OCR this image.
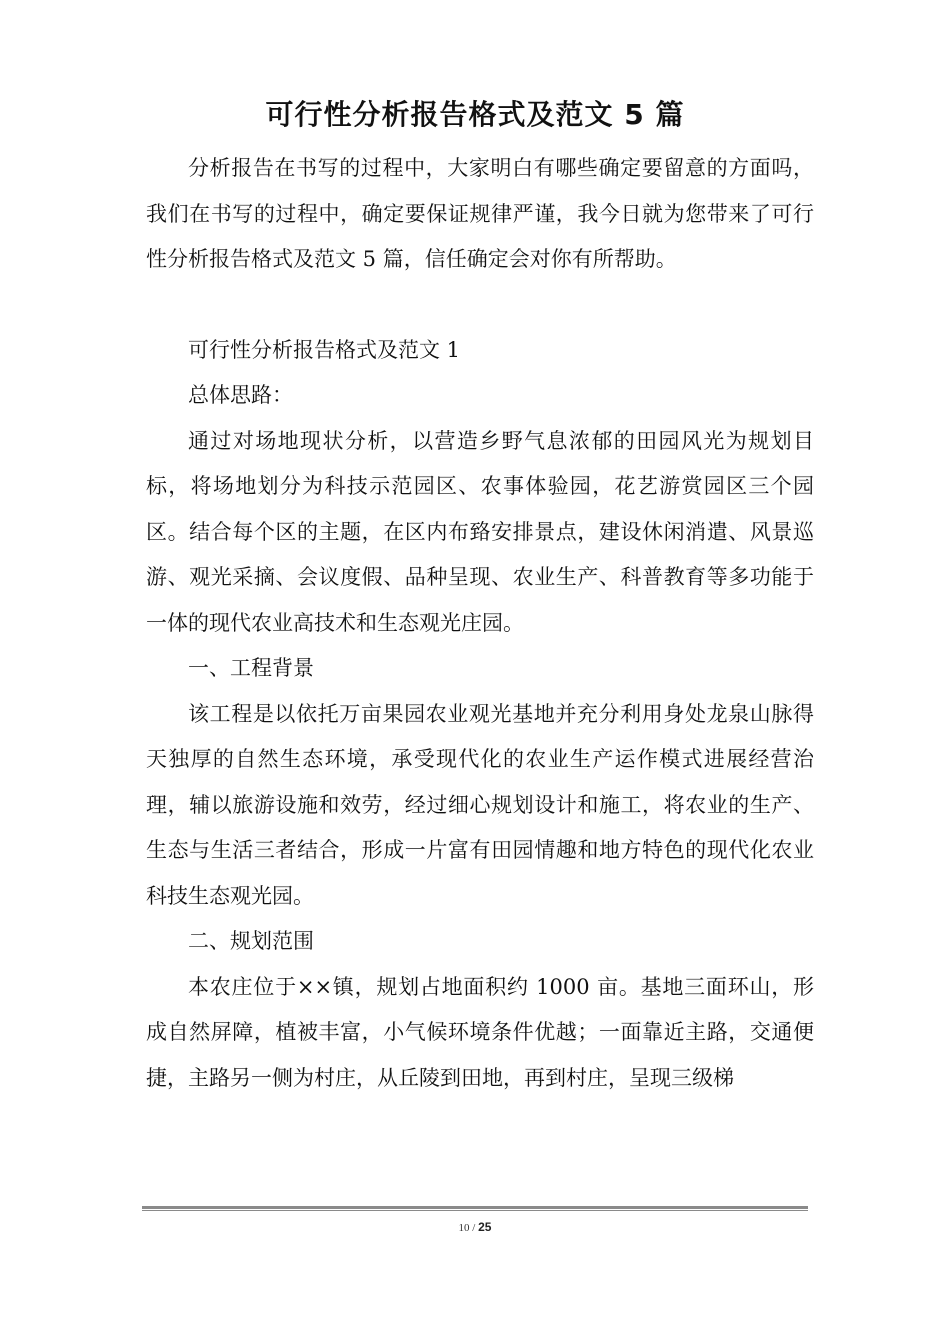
可行性分析报告格式及范文 5 篇

分析报告在书写的过程中，大家明白有哪些确定要留意的方面吗，我们在书写的过程中，确定要保证规律严谨，我今日就为您带来了可行性分析报告格式及范文 5 篇，信任确定会对你有所帮助。

可行性分析报告格式及范文 1

总体思路：

通过对场地现状分析，以营造乡野气息浓郁的田园风光为规划目标，将场地划分为科技示范园区、农事体验园，花艺游赏园区三个园区。结合每个区的主题，在区内布臵安排景点，建设休闲消遣、风景巡游、观光采摘、会议度假、品种呈现、农业生产、科普教育等多功能于一体的现代农业高技术和生态观光庄园。

一、工程背景

该工程是以依托万亩果园农业观光基地并充分利用身处龙泉山脉得天独厚的自然生态环境，承受现代化的农业生产运作模式进展经营治理，辅以旅游设施和效劳，经过细心规划设计和施工，将农业的生产、生态与生活三者结合，形成一片富有田园情趣和地方特色的现代化农业科技生态观光园。

二、规划范围

本农庄位于××镇，规划占地面积约 1000 亩。基地三面环山，形成自然屏障，植被丰富，小气候环境条件优越；一面靠近主路，交通便捷，主路另一侧为村庄，从丘陵到田地，再到村庄，呈现三级梯

10 / 25
